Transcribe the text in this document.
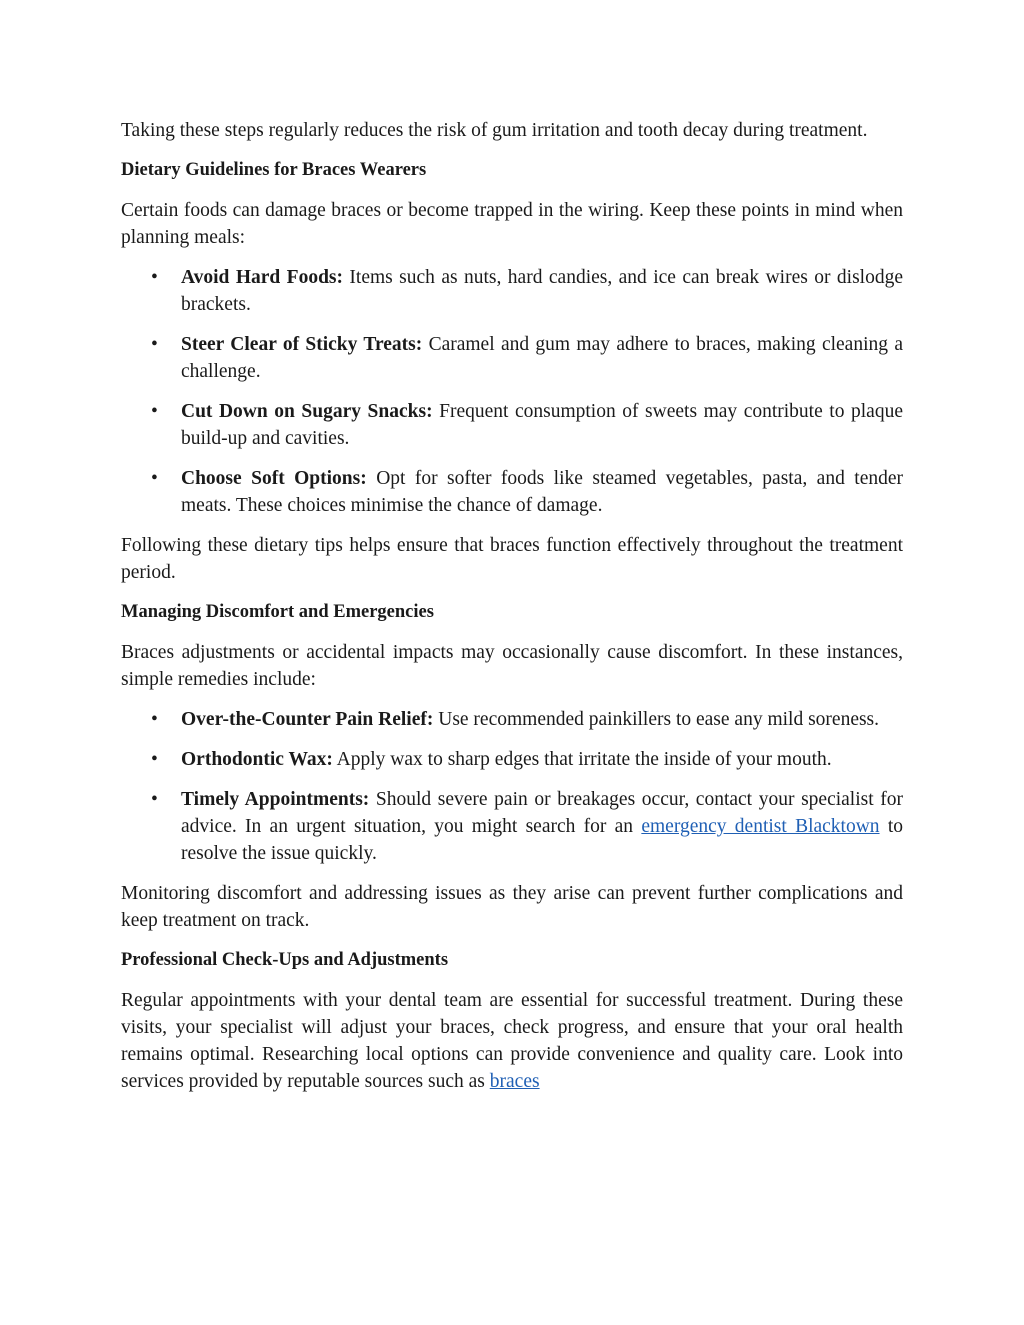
Taking these steps regularly reduces the risk of gum irritation and tooth decay during treatment.

Dietary Guidelines for Braces Wearers

Certain foods can damage braces or become trapped in the wiring. Keep these points in mind when planning meals:

• Avoid Hard Foods: Items such as nuts, hard candies, and ice can break wires or dislodge brackets.
• Steer Clear of Sticky Treats: Caramel and gum may adhere to braces, making cleaning a challenge.
• Cut Down on Sugary Snacks: Frequent consumption of sweets may contribute to plaque build-up and cavities.
• Choose Soft Options: Opt for softer foods like steamed vegetables, pasta, and tender meats. These choices minimise the chance of damage.

Following these dietary tips helps ensure that braces function effectively throughout the treatment period.

Managing Discomfort and Emergencies

Braces adjustments or accidental impacts may occasionally cause discomfort. In these instances, simple remedies include:

• Over-the-Counter Pain Relief: Use recommended painkillers to ease any mild soreness.
• Orthodontic Wax: Apply wax to sharp edges that irritate the inside of your mouth.
• Timely Appointments: Should severe pain or breakages occur, contact your specialist for advice. In an urgent situation, you might search for an emergency dentist Blacktown to resolve the issue quickly.

Monitoring discomfort and addressing issues as they arise can prevent further complications and keep treatment on track.

Professional Check-Ups and Adjustments

Regular appointments with your dental team are essential for successful treatment. During these visits, your specialist will adjust your braces, check progress, and ensure that your oral health remains optimal. Researching local options can provide convenience and quality care. Look into services provided by reputable sources such as braces
